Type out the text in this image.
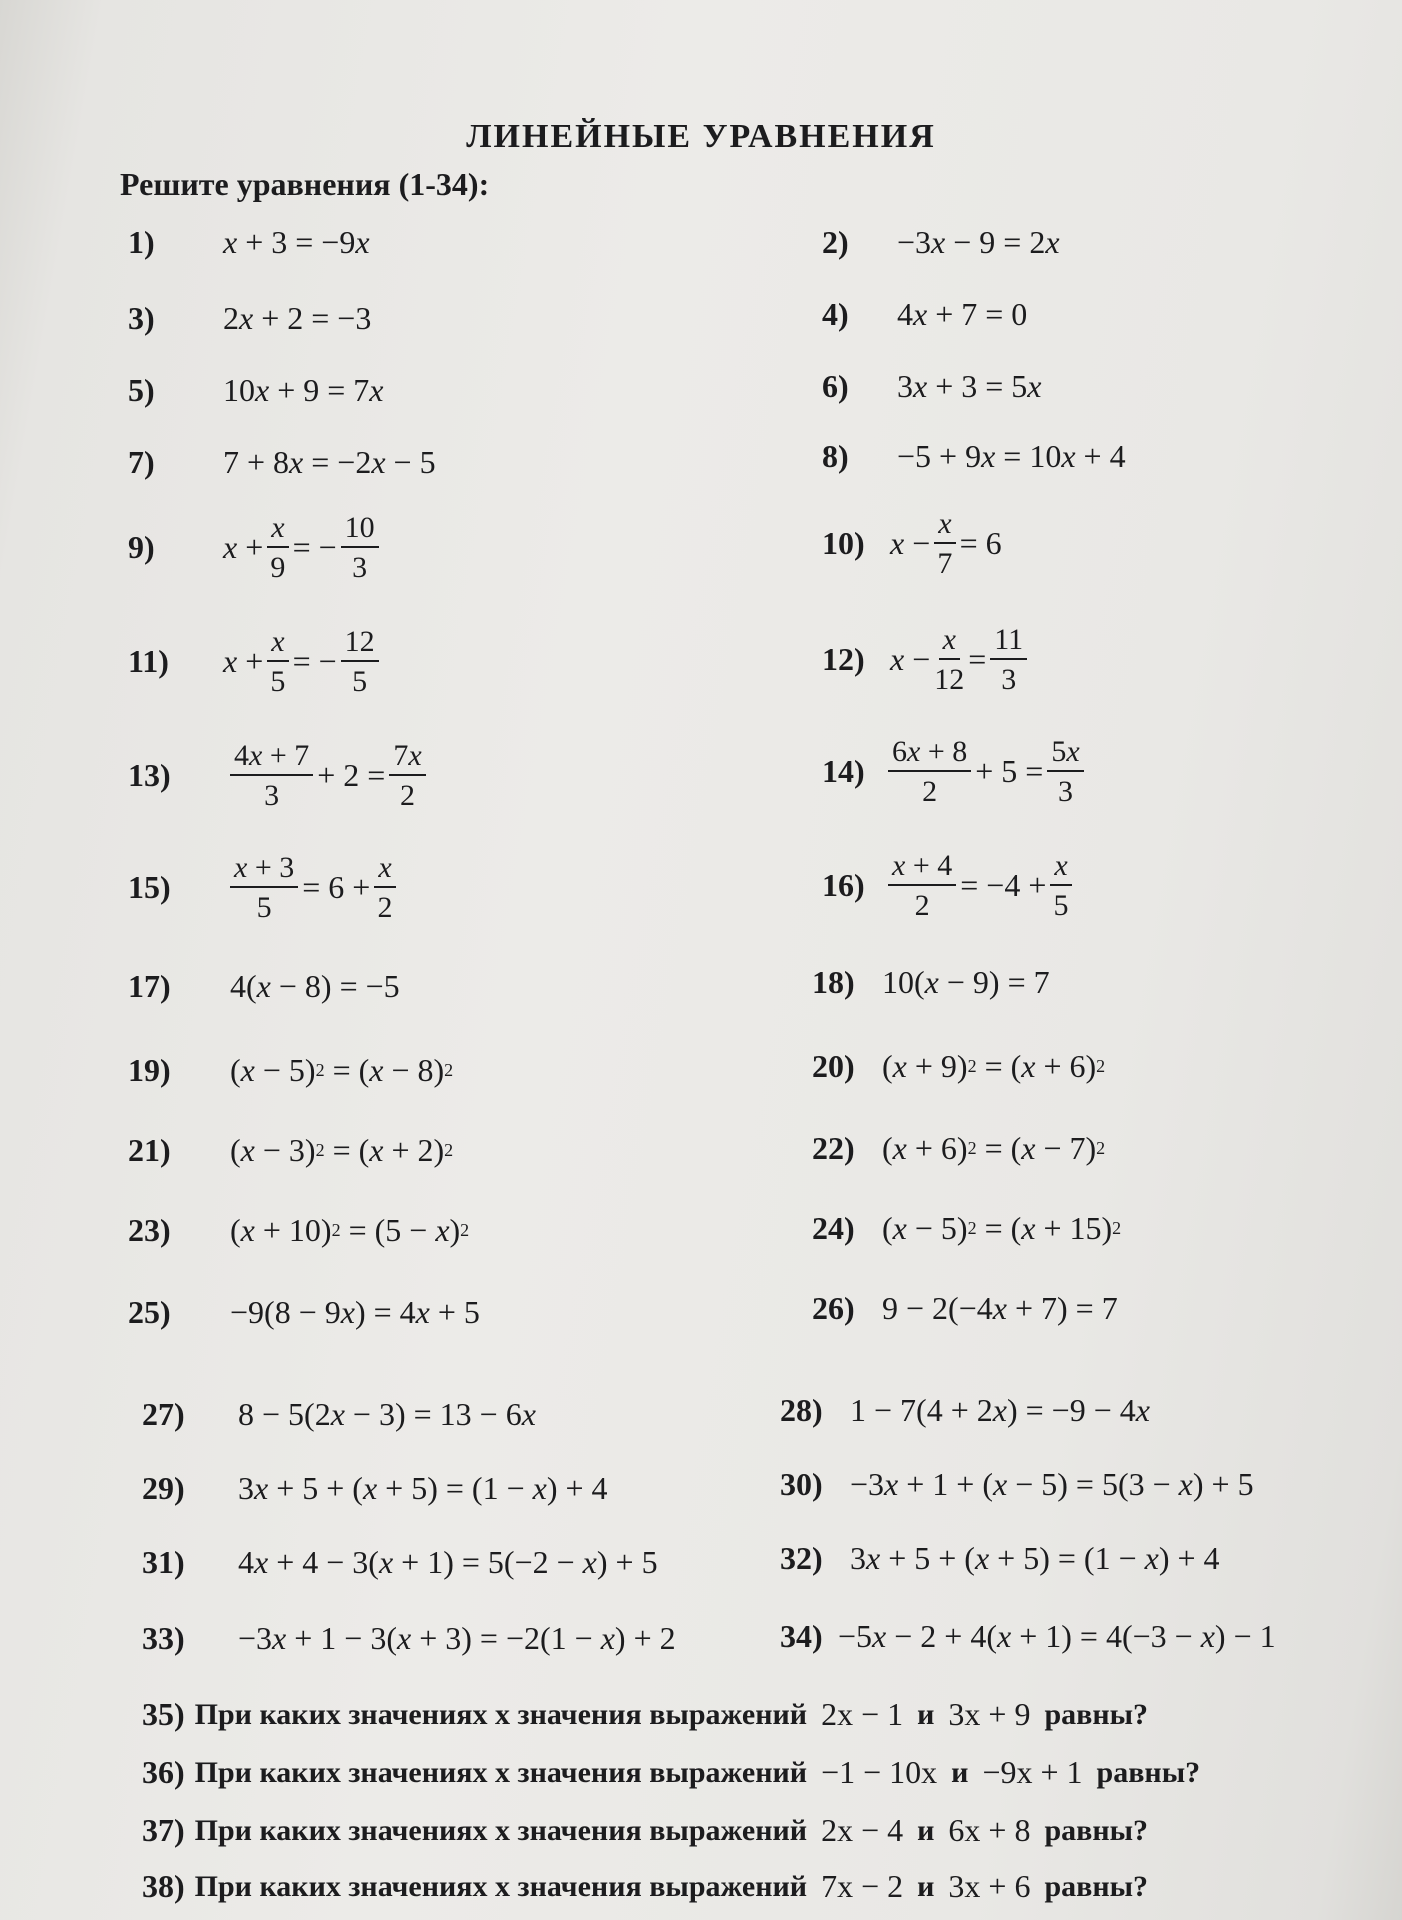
ЛИНЕЙНЫЕ УРАВНЕНИЯ
Решите уравнения (1-34):
1)	x + 3 = −9 x	2)	−3 x − 9 = 2 x
3)	2 x + 2 = −3	4)	4 x + 7 = 0
5)	10 x + 9 = 7 x	6)	3 x + 3 = 5 x
7)	7 + 8 x = −2 x − 5	8)	−5 + 9 x = 10 x + 4
9)	$x + \frac{x}{9}$ = − $\frac{10}{3}$	10) $x - \frac{x}{7} = 6$
11)	$x + \frac{x}{5}$ = − $\frac{12}{5}$	12) $x - \frac{x}{12} = \frac{11}{3}$
13)	$\frac{4x + 7}{3} + 2 = \frac{7x}{2}$	$14) \frac{6x + 8}{2} + 5 = \frac{5x}{3}$
15)	$\frac{x + 3}{5} = 6 + \frac{x}{2}$	$16) \frac{x + 4}{2} = -4 + \frac{x}{5}$
17)	4( x − 8) = −5	18) 10( x − 9) = 7
19)	( x − 5) 2 = ( x − 8) 2	20) ( x + 9) 2 = ( x + 6) 2
21)	( x − 3) 2 = ( x + 2) 2	22) ( x + 6) 2 = ( x − 7) 2
23)	( x + 10) 2 = (5 − x ) 2	24) ( x − 5) 2 = ( x + 15) 2
25)	−9(8 − 9 x ) = 4 x + 5	26) 9 − 2(−4 x + 7) = 7
27)	8 − 5(2 x − 3) = 13 − 6 x	28) 1 − 7(4 + 2 x ) = −9 − 4 x
29)	3 x + 5 + ( x + 5) = (1 − x ) + 4	30) −3 x + 1 + ( x − 5) = 5(3 − x ) + 5
31)	4 x + 4 − 3( x + 1) = 5(−2 − x ) + 5	32) 3 x + 5 + ( x + 5) = (1 − x ) + 4
33)	−3 x + 1 − 3( x + 3) = −2(1 − x ) + 2	34) −5 x − 2 + 4( x + 1) = 4(−3 − x ) − 1
35) При каких значениях x значения выражений 2x − 1 и 3x + 9 равны?
36) При каких значениях x значения выражений −1 − 10x и −9x + 1 равны?
37) При каких значениях x значения выражений 2x − 4 и 6x + 8 равны?
38) При каких значениях x значения выражений 7x − 2 и 3x + 6 равны?
